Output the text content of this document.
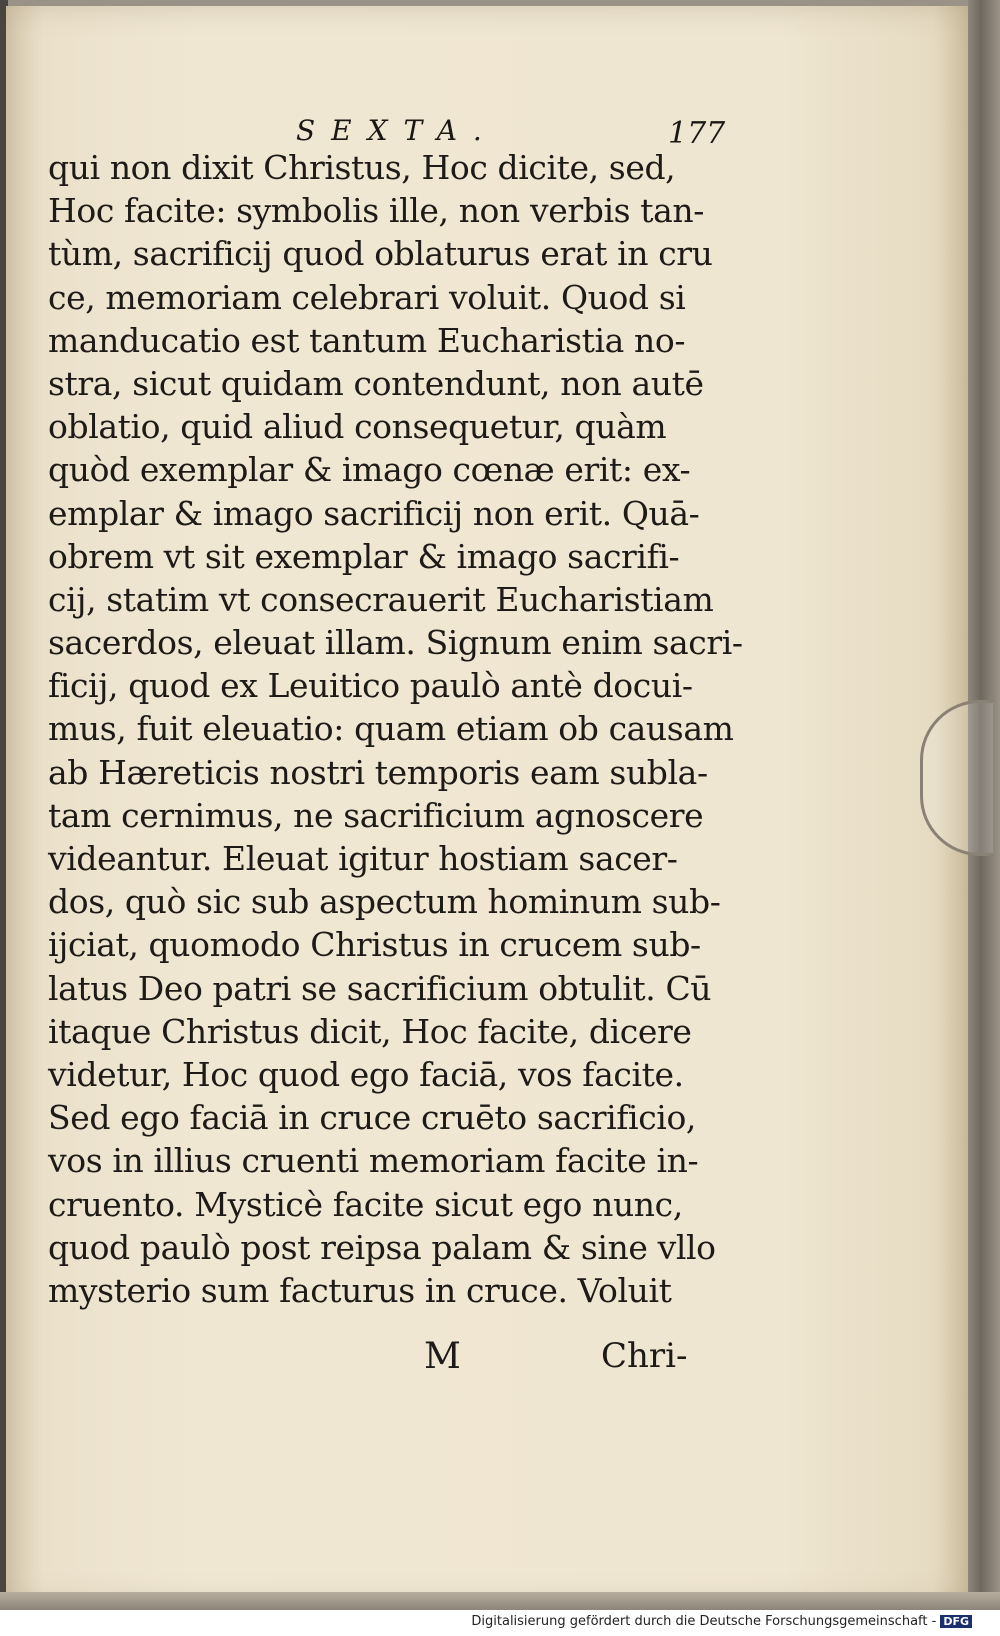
SEXTA.	177
qui non dixit Christus, Hoc dicite, sed,
Hoc facite: symbolis ille, non verbis tan-
tùm, sacrificij quod oblaturus erat in cru
ce, memoriam celebrari voluit. Quod si
manducatio est tantum Eucharistia no-
stra, sicut quidam contendunt, non autē
oblatio, quid aliud consequetur, quàm
quòd exemplar & imago cœnæ erit: ex-
emplar & imago sacrificij non erit. Quā-
obrem vt sit exemplar & imago sacrifi-
cij, statim vt consecrauerit Eucharistiam
sacerdos, eleuat illam. Signum enim sacri-
ficij, quod ex Leuitico paulò antè docui-
mus, fuit eleuatio: quam etiam ob causam
ab Hæreticis nostri temporis eam subla-
tam cernimus, ne sacrificium agnoscere
videantur. Eleuat igitur hostiam sacer-
dos, quò sic sub aspectum hominum sub-
ijciat, quomodo Christus in crucem sub-
latus Deo patri se sacrificium obtulit. Cū
itaque Christus dicit, Hoc facite, dicere
videtur, Hoc quod ego faciā, vos facite.
Sed ego faciā in cruce cruēto sacrificio,
vos in illius cruenti memoriam facite in-
cruento. Mysticè facite sicut ego nunc,
quod paulò post reipsa palam & sine vllo
mysterio sum facturus in cruce. Voluit
M	Chri-
Digitalisierung gefördert durch die Deutsche Forschungsgemeinschaft - DFG
